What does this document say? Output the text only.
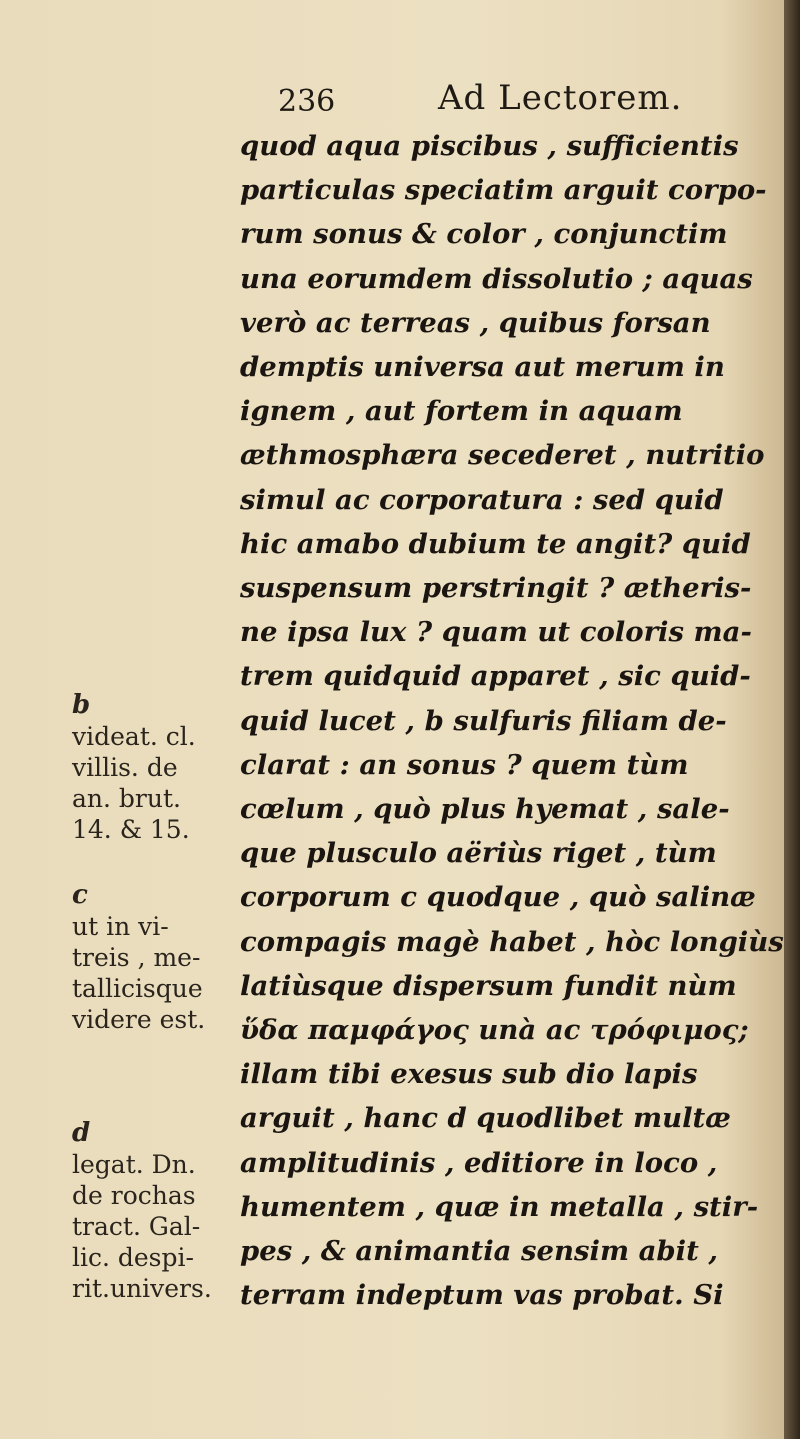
236	Ad Lectorem.
quod aqua piscibus , sufficientis
particulas speciatim arguit corpo-
rum sonus & color , conjunctim
una eorumdem dissolutio ; aquas
verò ac terreas , quibus forsan
demptis universa aut merum in
ignem , aut fortem in aquam
æthmosphæra secederet , nutritio
simul ac corporatura : sed quid
hic amabo dubium te angit? quid
suspensum perstringit ? ætheris-
ne ipsa lux ? quam ut coloris ma-
trem quidquid apparet , sic quid-
quid lucet , b sulfuris filiam de-
clarat : an sonus ? quem tùm
cœlum , quò plus hyemat , sale-
que plusculo aëriùs riget , tùm
corporum c quodque , quò salinæ
compagis magè habet , hòc longiùs
latiùsque dispersum fundit nùm
ὕδα παμφάγος unà ac τρόφιμος;
illam tibi exesus sub dio lapis
arguit , hanc d quodlibet multæ
amplitudinis , editiore in loco ,
humentem , quæ in metalla , stir-
pes , & animantia sensim abit ,
terram indeptum vas probat. Si
b
videat. cl.
villis. de
an. brut.
14. & 15.
c
ut in vi-
treis , me-
tallicisque
videre est.
d
legat. Dn.
de rochas
tract. Gal-
lic. despi-
rit.univers.
